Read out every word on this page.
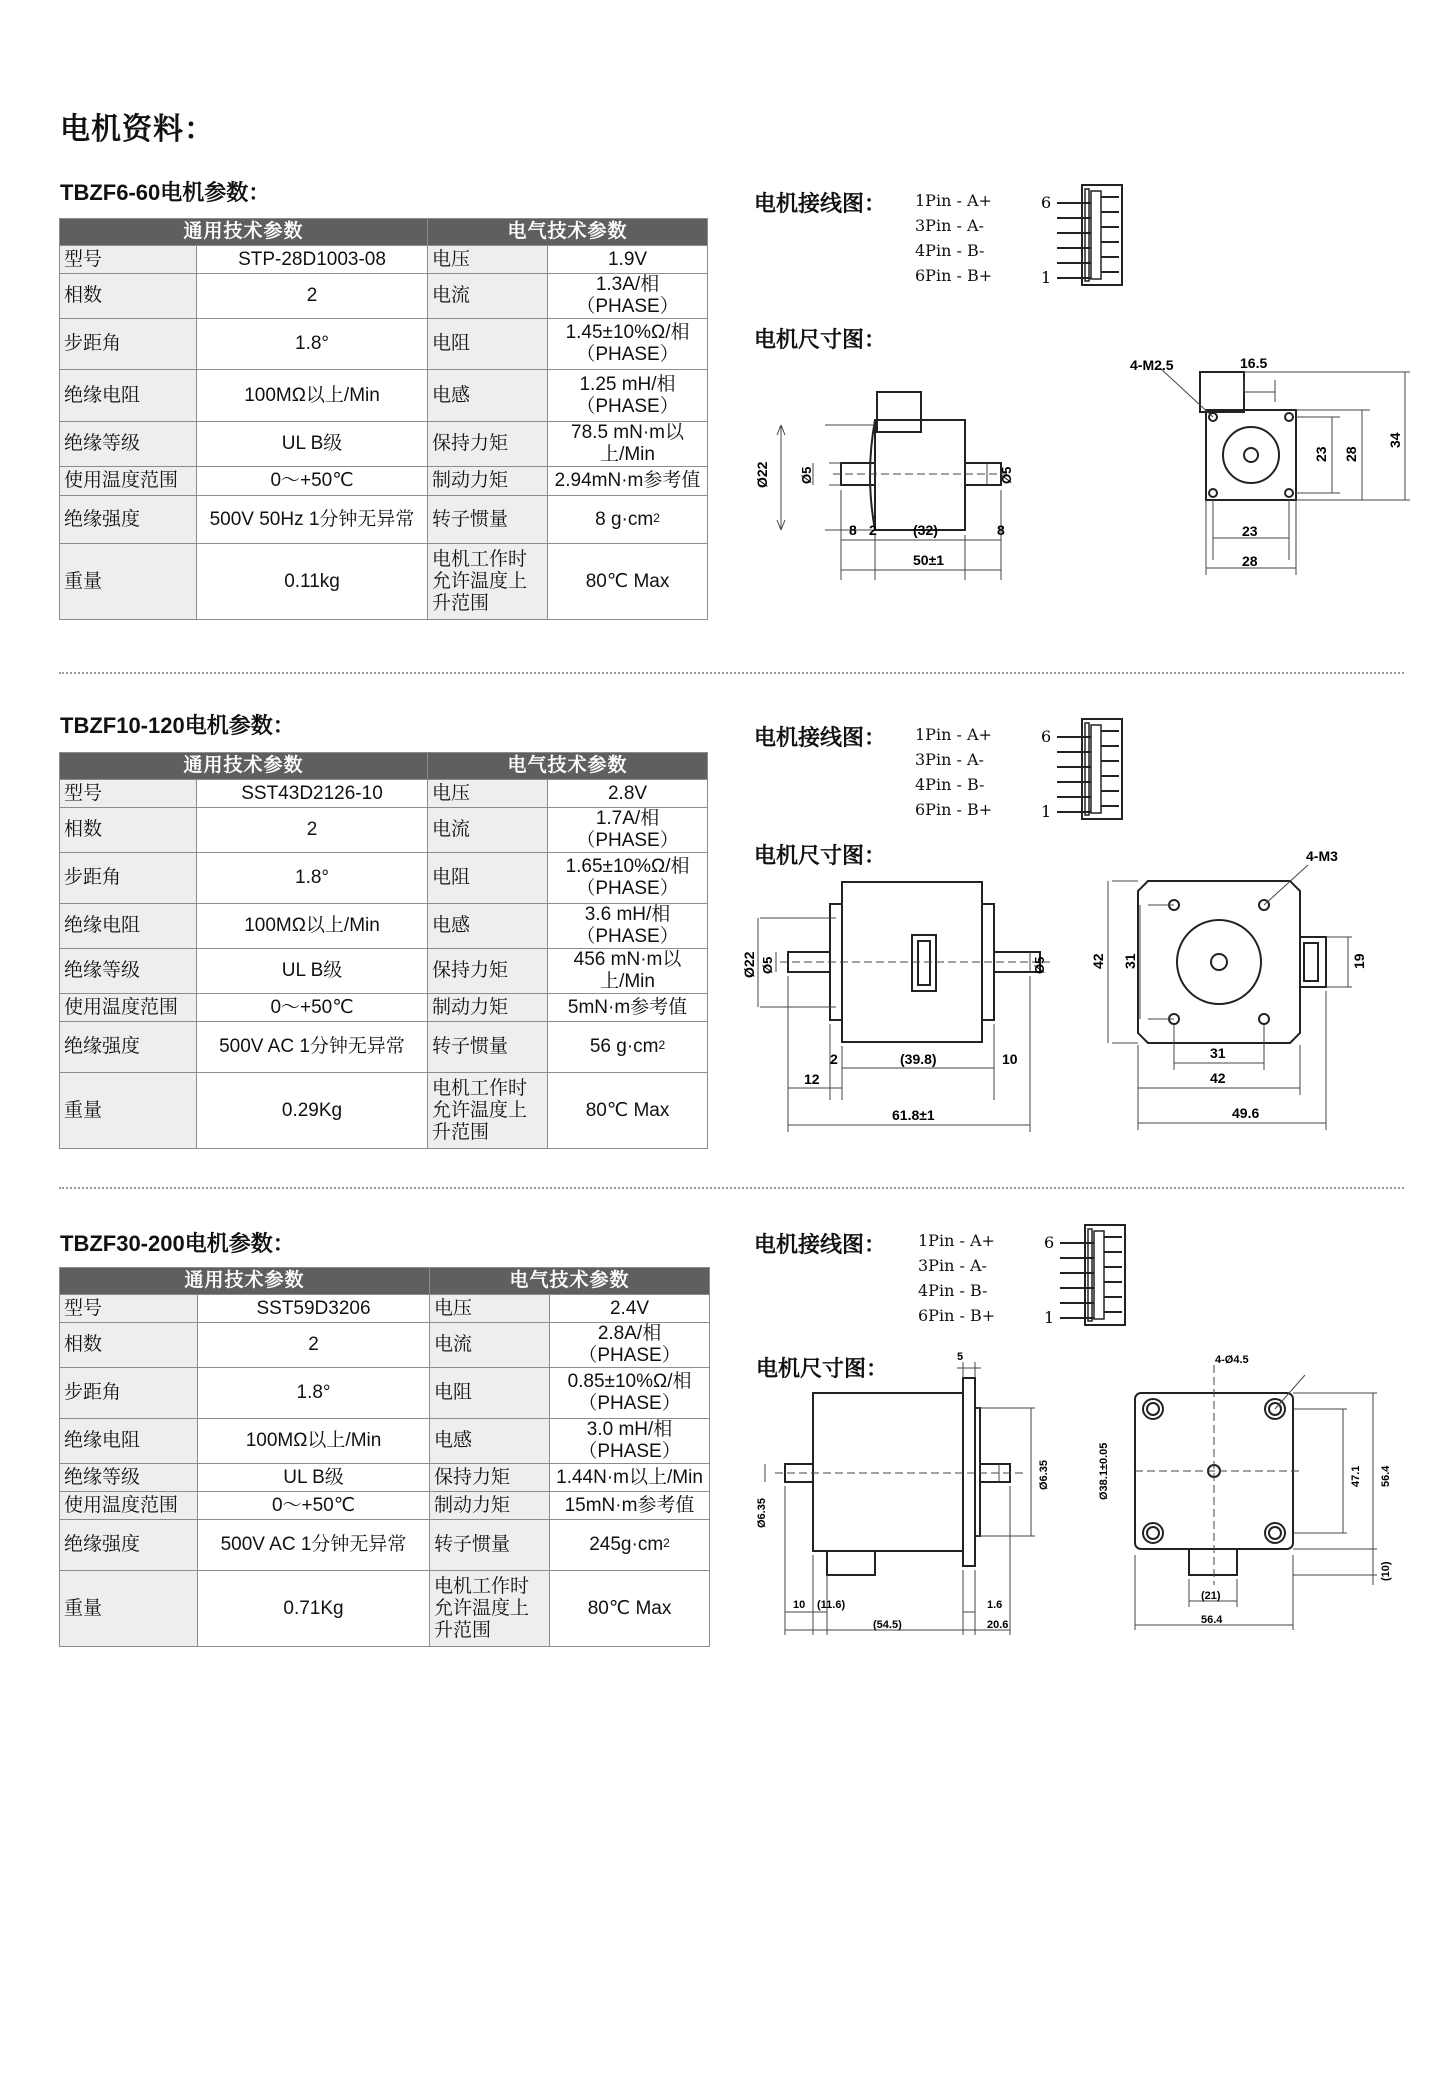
电机资料：
TBZF6-60电机参数：
通用技术参数		电气技术参数	
型号	STP-28D1003-08	电压	1.9V
相数	2	电流	1.3A/相（PHASE）
步距角	1.8°	电阻	1.45±10%Ω/相（PHASE）
绝缘电阻	100MΩ以上/Min	电感	1.25 mH/相（PHASE）
绝缘等级	UL B级	保持力矩	78.5 mN·m以上/Min
使用温度范围	0～+50℃	制动力矩	2.94mN·m参考值
绝缘强度	500V 50Hz 1分钟无异常	转子惯量	8 $g\cdot cm^2$
重量	0.11kg	电机工作时允许温度上升范围	80℃ Max
电机接线图： 1Pin - A+
3Pin - A-
4Pin - B-
6Pin - B+
6
1
电机尺寸图：
Ø22 Ø5	Ø5
8 2	(32)	8
50±1
4-M2.5	16.5
23 28
34
23
28
TBZF10-120电机参数：
通用技术参数		电气技术参数	
型号	SST43D2126-10	电压	2.8V
相数	2	电流	1.7A/相（PHASE）
步距角	1.8°	电阻	1.65±10%Ω/相（PHASE）
绝缘电阻	100MΩ以上/Min	电感	3.6 mH/相（PHASE）
绝缘等级	UL B级	保持力矩	456 mN·m以上/Min
使用温度范围	0～+50℃	制动力矩	5mN·m参考值
绝缘强度	500V AC 1分钟无异常	转子惯量	56 $g\cdot cm^2$
重量	0.29Kg	电机工作时允许温度上升范围	80℃ Max
电机接线图： 1Pin - A+
3Pin - A-
4Pin - B-
6Pin - B+
6
1
电机尺寸图：
Ø22 Ø5	Ø5
2	(39.8)	10
12
61.8±1
4-M3
42 31	19
31
42
49.6
TBZF30-200电机参数：
通用技术参数		电气技术参数	
型号	SST59D3206	电压	2.4V
相数	2	电流	2.8A/相（PHASE）
步距角	1.8°	电阻	0.85±10%Ω/相（PHASE）
绝缘电阻	100MΩ以上/Min	电感	3.0 mH/相（PHASE）
绝缘等级	UL B级	保持力矩	1.44N·m以上/Min
使用温度范围	0～+50℃	制动力矩	15mN·m参考值
绝缘强度	500V AC 1分钟无异常	转子惯量	$245g\cdot cm^2$
重量	0.71Kg	电机工作时允许温度上升范围	80℃ Max
电机接线图： 1Pin - A+
3Pin - A-
4Pin - B-
6Pin - B+
6
1
电机尺寸图：	5
Ø6.35
Ø6.35	Ø38.1±0.05
10 (11.6)	1.6
(54.5)	20.6
4-Ø4.5
47.1 56.4
(10)
(21)
56.4
